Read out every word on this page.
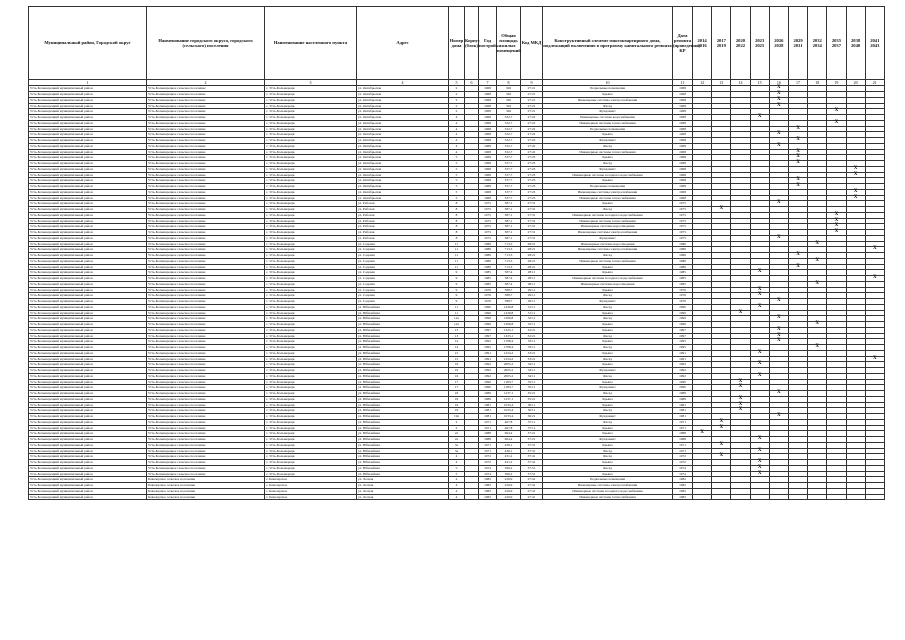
Муниципальный район, Городской округ	Наименование городского округа, городского (сельского) поселения	Наименование населенного пункта	Адрес	Номер дома	Корпус (блок)	Год постройки	Общая площадь жилых помещений	Код МКД	Конструктивный элемент многоквартирного дома, подлежащий включению в программу капитального ремонта	Дата ремонта (проведения) КР	2014 2016	2017 2019	2020 2022	2023 2025	2026 2028	2029 2031	2032 2034	2035 2037	2038 2040	2041 2043
1	2	3	4	5	6	7	8	9	10	11	12	13	14	15	16	17	18	19	20	21
Усть-Большерецкий муниципальный район	Усть-Большерецкое сельское поселение	с. Усть-Большерецк	ул. Октябрьская	2		1968	326	27:21	Подвальные помещения	1968					X					
Усть-Большерецкий муниципальный район	Усть-Большерецкое сельское поселение	с. Усть-Большерецк	ул. Октябрьская	2		1968	326	27:21	Крыша	1968					X					
Усть-Большерецкий муниципальный район	Усть-Большерецкое сельское поселение	с. Усть-Большерецк	ул. Октябрьская	2		1968	326	27:21	Инженерные системы электроснабжения	1968					X					
Усть-Большерецкий муниципальный район	Усть-Большерецкое сельское поселение	с. Усть-Большерецк	ул. Октябрьская	2		1968	326	27:21	Фасад	1968					X					
Усть-Большерецкий муниципальный район	Усть-Большерецкое сельское поселение	с. Усть-Большерецк	ул. Октябрьская	2		1968	326	27:21	Фундамент	1968								X		
Усть-Большерецкий муниципальный район	Усть-Большерецкое сельское поселение	с. Усть-Большерецк	ул. Октябрьская	4		1968	332,7	27:22	Инженерные системы водоснабжения	1968				X						
Усть-Большерецкий муниципальный район	Усть-Большерецкое сельское поселение	с. Усть-Большерецк	ул. Октябрьская	4		1968	332,7	27:22	Инженерные системы теплоснабжения	1968								X		
Усть-Большерецкий муниципальный район	Усть-Большерецкое сельское поселение	с. Усть-Большерецк	ул. Октябрьская	4		1968	332,7	27:22	Подвальные помещения	1968						X				
Усть-Большерецкий муниципальный район	Усть-Большерецкое сельское поселение	с. Усть-Большерецк	ул. Октябрьская	4		1968	332,7	27:22	Крыша	1968					X					
Усть-Большерецкий муниципальный район	Усть-Большерецкое сельское поселение	с. Усть-Большерецк	ул. Октябрьская	4		1968	332,7	27:22	Фундамент	1968						X				
Усть-Большерецкий муниципальный район	Усть-Большерецкое сельское поселение	с. Усть-Большерецк	ул. Октябрьская	4		1968	332,7	27:22	Фасад	1968					X					
Усть-Большерецкий муниципальный район	Усть-Большерецкое сельское поселение	с. Усть-Большерецк	ул. Октябрьская	4		1968	332,7	27:22	Инженерные системы теплоснабжения	1968						X				
Усть-Большерецкий муниципальный район	Усть-Большерецкое сельское поселение	с. Усть-Большерецк	ул. Октябрьская	5		1968	337,7	27:23	Крыша	1968						X				
Усть-Большерецкий муниципальный район	Усть-Большерецкое сельское поселение	с. Усть-Большерецк	ул. Октябрьская	5		1968	337,7	27:23	Фасад	1968						X				
Усть-Большерецкий муниципальный район	Усть-Большерецкое сельское поселение	с. Усть-Большерецк	ул. Октябрьская	5		1968	337,7	27:23	Фундамент	1968									X	
Усть-Большерецкий муниципальный район	Усть-Большерецкое сельское поселение	с. Усть-Большерецк	ул. Октябрьская	5		1968	337,7	27:23	Инженерные системы холодного водоснабжения	1968									X	
Усть-Большерецкий муниципальный район	Усть-Большерецкое сельское поселение	с. Усть-Большерецк	ул. Октябрьская	5		1968	337,7	27:23	Крыша	1968						X				
Усть-Большерецкий муниципальный район	Усть-Большерецкое сельское поселение	с. Усть-Большерецк	ул. Октябрьская	5		1968	337,7	27:23	Подвальные помещения	1968						X				
Усть-Большерецкий муниципальный район	Усть-Большерецкое сельское поселение	с. Усть-Большерецк	ул. Октябрьская	5		1968	337,7	27:23	Инженерные системы электроснабжения	1968									X	
Усть-Большерецкий муниципальный район	Усть-Большерецкое сельское поселение	с. Усть-Большерецк	ул. Октябрьская	5		1968	337,7	27:23	Инженерные системы теплоснабжения	1968									X	
Усть-Большерецкий муниципальный район	Усть-Большерецкое сельское поселение	с. Усть-Большерецк	ул. Рабочая	8		1975	387,1	27:31	Крыша	1975					X					
Усть-Большерецкий муниципальный район	Усть-Большерецкое сельское поселение	с. Усть-Большерецк	ул. Рабочая	8		1975	387,1	27:31	Фасад	1975		X								
Усть-Большерецкий муниципальный район	Усть-Большерецкое сельское поселение	с. Усть-Большерецк	ул. Рабочая	8		1975	387,1	27:31	Инженерные системы холодного водоснабжения	1975								X		
Усть-Большерецкий муниципальный район	Усть-Большерецкое сельское поселение	с. Усть-Большерецк	ул. Рабочая	8		1975	387,1	27:31	Инженерные системы теплоснабжения	1975								X		
Усть-Большерецкий муниципальный район	Усть-Большерецкое сельское поселение	с. Усть-Большерецк	ул. Рабочая	8		1975	387,1	27:31	Инженерные системы водоотведения	1975								X		
Усть-Большерецкий муниципальный район	Усть-Большерецкое сельское поселение	с. Усть-Большерецк	ул. Рабочая	8		1975	387,1	27:31	Инженерные системы электроснабжения	1975								X		
Усть-Большерецкий муниципальный район	Усть-Большерецкое сельское поселение	с. Усть-Большерецк	ул. Рабочая	8		1975	387,1	27:31	Фундамент	1975					X					
Усть-Большерецкий муниципальный район	Усть-Большерецкое сельское поселение	с. Усть-Большерецк	ул. Садовая	11		1986	713,3	28:21	Инженерные системы водоотведения	1986							X			
Усть-Большерецкий муниципальный район	Усть-Большерецкое сельское поселение	с. Усть-Большерецк	ул. Садовая	11		1986	713,3	28:21	Инженерные системы электроснабжения	1986										X
Усть-Большерецкий муниципальный район	Усть-Большерецкое сельское поселение	с. Усть-Большерецк	ул. Садовая	11		1986	713,3	28:21	Фасад	1986						X				
Усть-Большерецкий муниципальный район	Усть-Большерецкое сельское поселение	с. Усть-Большерецк	ул. Садовая	11		1986	713,3	28:21	Инженерные системы теплоснабжения	1986							X			
Усть-Большерецкий муниципальный район	Усть-Большерецкое сельское поселение	с. Усть-Большерецк	ул. Садовая	11		1986	713,3	28:21	Крыша	1986						X				
Усть-Большерецкий муниципальный район	Усть-Большерецкое сельское поселение	с. Усть-Большерецк	ул. Садовая	9		1985	587,4	28:11	Крыша	1985				X						
Усть-Большерецкий муниципальный район	Усть-Большерецкое сельское поселение	с. Усть-Большерецк	ул. Садовая	9		1985	587,4	28:11	Инженерные системы холодного водоснабжения	1985										X
Усть-Большерецкий муниципальный район	Усть-Большерецкое сельское поселение	с. Усть-Большерецк	ул. Садовая	9		1985	587,4	28:11	Инженерные системы водоотведения	1985							X			
Усть-Большерецкий муниципальный район	Усть-Большерецкое сельское поселение	с. Усть-Большерецк	ул. Садовая	9		1976	588,7	29:11	Крыша	1976				X						
Усть-Большерецкий муниципальный район	Усть-Большерецкое сельское поселение	с. Усть-Большерецк	ул. Садовая	9		1976	588,7	29:11	Фасад	1976				X						
Усть-Большерецкий муниципальный район	Усть-Большерецкое сельское поселение	с. Усть-Большерецк	ул. Садовая	9		1976	588,7	29:11	Фундамент	1976					X					
Усть-Большерецкий муниципальный район	Усть-Большерецкое сельское поселение	с. Усть-Большерецк	ул. Юбилейная	11		1990	1439,8	31:11	Фасад	1990				X						
Усть-Большерецкий муниципальный район	Усть-Большерецкое сельское поселение	с. Усть-Большерецк	ул. Юбилейная	11		1990	1439,8	31:11	Крыша	1990			X							
Усть-Большерецкий муниципальный район	Усть-Большерецкое сельское поселение	с. Усть-Большерецк	ул. Юбилейная	12а		1996	1369,8	32:11	Фасад	1996					X					
Усть-Большерецкий муниципальный район	Усть-Большерецкое сельское поселение	с. Усть-Большерецк	ул. Юбилейная	12а		1996	1369,8	32:11	Крыша	1996							X			
Усть-Большерецкий муниципальный район	Усть-Большерецкое сельское поселение	с. Усть-Большерецк	ул. Юбилейная	13		1997	1323,1	32:21	Крыша	1997					X					
Усть-Большерецкий муниципальный район	Усть-Большерецкое сельское поселение	с. Усть-Большерецк	ул. Юбилейная	13		1997	1323,1	32:21	Фасад	1997					X					
Усть-Большерецкий муниципальный район	Усть-Большерецкое сельское поселение	с. Усть-Большерецк	ул. Юбилейная	14		1995	1708,4	33:11	Крыша	1995					X					
Усть-Большерецкий муниципальный район	Усть-Большерецкое сельское поселение	с. Усть-Большерецк	ул. Юбилейная	14		1995	1708,4	33:11	Фасад	1995							X			
Усть-Большерецкий муниципальный район	Усть-Большерецкое сельское поселение	с. Усть-Большерецк	ул. Юбилейная	15		1991	1254,2	33:21	Крыша	1991				X						
Усть-Большерецкий муниципальный район	Усть-Большерецкое сельское поселение	с. Усть-Большерецк	ул. Юбилейная	15		1991	1254,2	33:21	Фасад	1991										X
Усть-Большерецкий муниципальный район	Усть-Большерецкое сельское поселение	с. Усть-Большерецк	ул. Юбилейная	16		1992	2005,2	34:11	Крыша	1992				X						
Усть-Большерецкий муниципальный район	Усть-Большерецкое сельское поселение	с. Усть-Большерецк	ул. Юбилейная	16		1992	2005,2	34:11	Фундамент	1992										
Усть-Большерецкий муниципальный район	Усть-Большерецкое сельское поселение	с. Усть-Большерецк	ул. Юбилейная	16		1992	2005,2	34:11	Фасад	1992				X						
Усть-Большерецкий муниципальный район	Усть-Большерецкое сельское поселение	с. Усть-Большерецк	ул. Юбилейная	17		1990	1183,7	35:11	Крыша	1990			X							
Усть-Большерецкий муниципальный район	Усть-Большерецкое сельское поселение	с. Усть-Большерецк	ул. Юбилейная	17		1990	1183,7	35:11	Фундамент	1990			X							
Усть-Большерецкий муниципальный район	Усть-Большерецкое сельское поселение	с. Усть-Большерецк	ул. Юбилейная	18		1989	1237,1	35:21	Фасад	1989					X					
Усть-Большерецкий муниципальный район	Усть-Большерецкое сельское поселение	с. Усть-Большерецк	ул. Юбилейная	18		1989	1237,1	35:21	Крыша	1989			X							
Усть-Большерецкий муниципальный район	Усть-Большерецкое сельское поселение	с. Усть-Большерецк	ул. Юбилейная	19		1981	1033,4	36:11	Крыша	1981			X							
Усть-Большерецкий муниципальный район	Усть-Большерецкое сельское поселение	с. Усть-Большерецк	ул. Юбилейная	19		1981	1033,4	36:11	Фасад	1981			X							
Усть-Большерецкий муниципальный район	Усть-Большерецкое сельское поселение	с. Усть-Большерецк	ул. Юбилейная	19а		1981	1033,4	36:21	Фундамент	1981					X					
Усть-Большерецкий муниципальный район	Усть-Большерецкое сельское поселение	с. Усть-Большерецк	ул. Юбилейная	2		1971	467,8	37:11	Фасад	1971		X								
Усть-Большерецкий муниципальный район	Усть-Большерецкое сельское поселение	с. Усть-Большерецк	ул. Юбилейная	2		1971	467,8	37:11	Крыша	1971		X								
Усть-Большерецкий муниципальный район	Усть-Большерецкое сельское поселение	с. Усть-Большерецк	ул. Юбилейная	2а		1988	664,4	37:21	Крыша	1988	X									
Усть-Большерецкий муниципальный район	Усть-Большерецкое сельское поселение	с. Усть-Большерецк	ул. Юбилейная	2а		1988	664,4	37:21	Фундамент	1988				X						
Усть-Большерецкий муниципальный район	Усть-Большерецкое сельское поселение	с. Усть-Большерецк	ул. Юбилейная	3а		1971	436,1	37:31	Крыша	1971		X								
Усть-Большерецкий муниципальный район	Усть-Большерецкое сельское поселение	с. Усть-Большерецк	ул. Юбилейная	3а		1971	436,1	37:31	Фасад	1971				X						
Усть-Большерецкий муниципальный район	Усть-Большерецкое сельское поселение	с. Усть-Большерецк	ул. Юбилейная	4		1972	431,2	37:41	Фасад	1972		X								
Усть-Большерецкий муниципальный район	Усть-Большерецкое сельское поселение	с. Усть-Большерецк	ул. Юбилейная	4		1972	431,2	37:41	Крыша	1972				X						
Усть-Большерецкий муниципальный район	Усть-Большерецкое сельское поселение	с. Усть-Большерецк	ул. Юбилейная	5		1974	396,2	37:51	Фасад	1974				X						
Усть-Большерецкий муниципальный район	Усть-Большерецкое сельское поселение	с. Усть-Большерецк	ул. Юбилейная	5		1974	396,2	37:51	Крыша	1974				X						
Усть-Большерецкий муниципальный район	Кавалерское сельское поселение	с. Кавалерское	ул. Лесная	4		1982	226,9	27:41	Подвальные помещения	1982										
Усть-Большерецкий муниципальный район	Кавалерское сельское поселение	с. Кавалерское	ул. Лесная	4		1982	226,9	27:41	Инженерные системы электроснабжения	1982										
Усть-Большерецкий муниципальный район	Кавалерское сельское поселение	с. Кавалерское	ул. Лесная	4		1982	226,9	27:41	Инженерные системы холодного водоснабжения	1982										
Усть-Большерецкий муниципальный район	Кавалерское сельское поселение	с. Кавалерское	ул. Лесная	4		1982	226,9	27:41	Инженерные системы теплоснабжения	1982										
